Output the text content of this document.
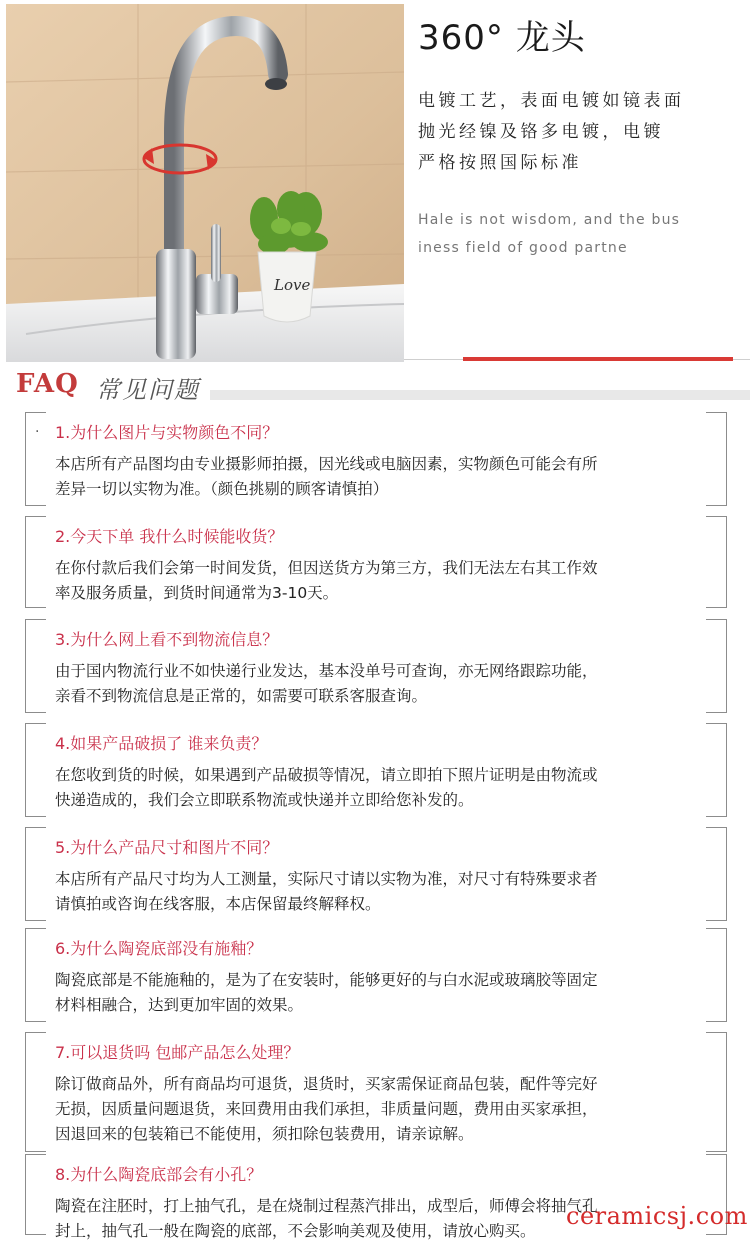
Love
360° 龙头
电镀工艺，表面电镀如镜表面
抛光经镍及铬多电镀，电镀
严格按照国际标准
Hale is not wisdom, and the bus
iness field of good partne
FAQ 常见问题
· 1.为什么图片与实物颜色不同？
本店所有产品图均由专业摄影师拍摄，因光线或电脑因素，实物颜色可能会有所
差异一切以实物为准。（颜色挑剔的顾客请慎拍）
2.今天下单 我什么时候能收货？
在你付款后我们会第一时间发货，但因送货方为第三方，我们无法左右其工作效
率及服务质量，到货时间通常为3-10天。
3.为什么网上看不到物流信息？
由于国内物流行业不如快递行业发达，基本没单号可查询，亦无网络跟踪功能，
亲看不到物流信息是正常的，如需要可联系客服查询。
4.如果产品破损了 谁来负责？
在您收到货的时候，如果遇到产品破损等情况，请立即拍下照片证明是由物流或
快递造成的，我们会立即联系物流或快递并立即给您补发的。
5.为什么产品尺寸和图片不同？
本店所有产品尺寸均为人工测量，实际尺寸请以实物为准，对尺寸有特殊要求者
请慎拍或咨询在线客服，本店保留最终解释权。
6.为什么陶瓷底部没有施釉？
陶瓷底部是不能施釉的，是为了在安装时，能够更好的与白水泥或玻璃胶等固定
材料相融合，达到更加牢固的效果。
7.可以退货吗 包邮产品怎么处理？
除订做商品外，所有商品均可退货，退货时，买家需保证商品包装，配件等完好
无损，因质量问题退货，来回费用由我们承担，非质量问题，费用由买家承担，
因退回来的包装箱已不能使用，须扣除包装费用，请亲谅解。
8.为什么陶瓷底部会有小孔？
陶瓷在注胚时，打上抽气孔，是在烧制过程蒸汽排出，成型后，师傅会将抽气孔
封上，抽气孔一般在陶瓷的底部，不会影响美观及使用，请放心购买。
ceramicsj.com
